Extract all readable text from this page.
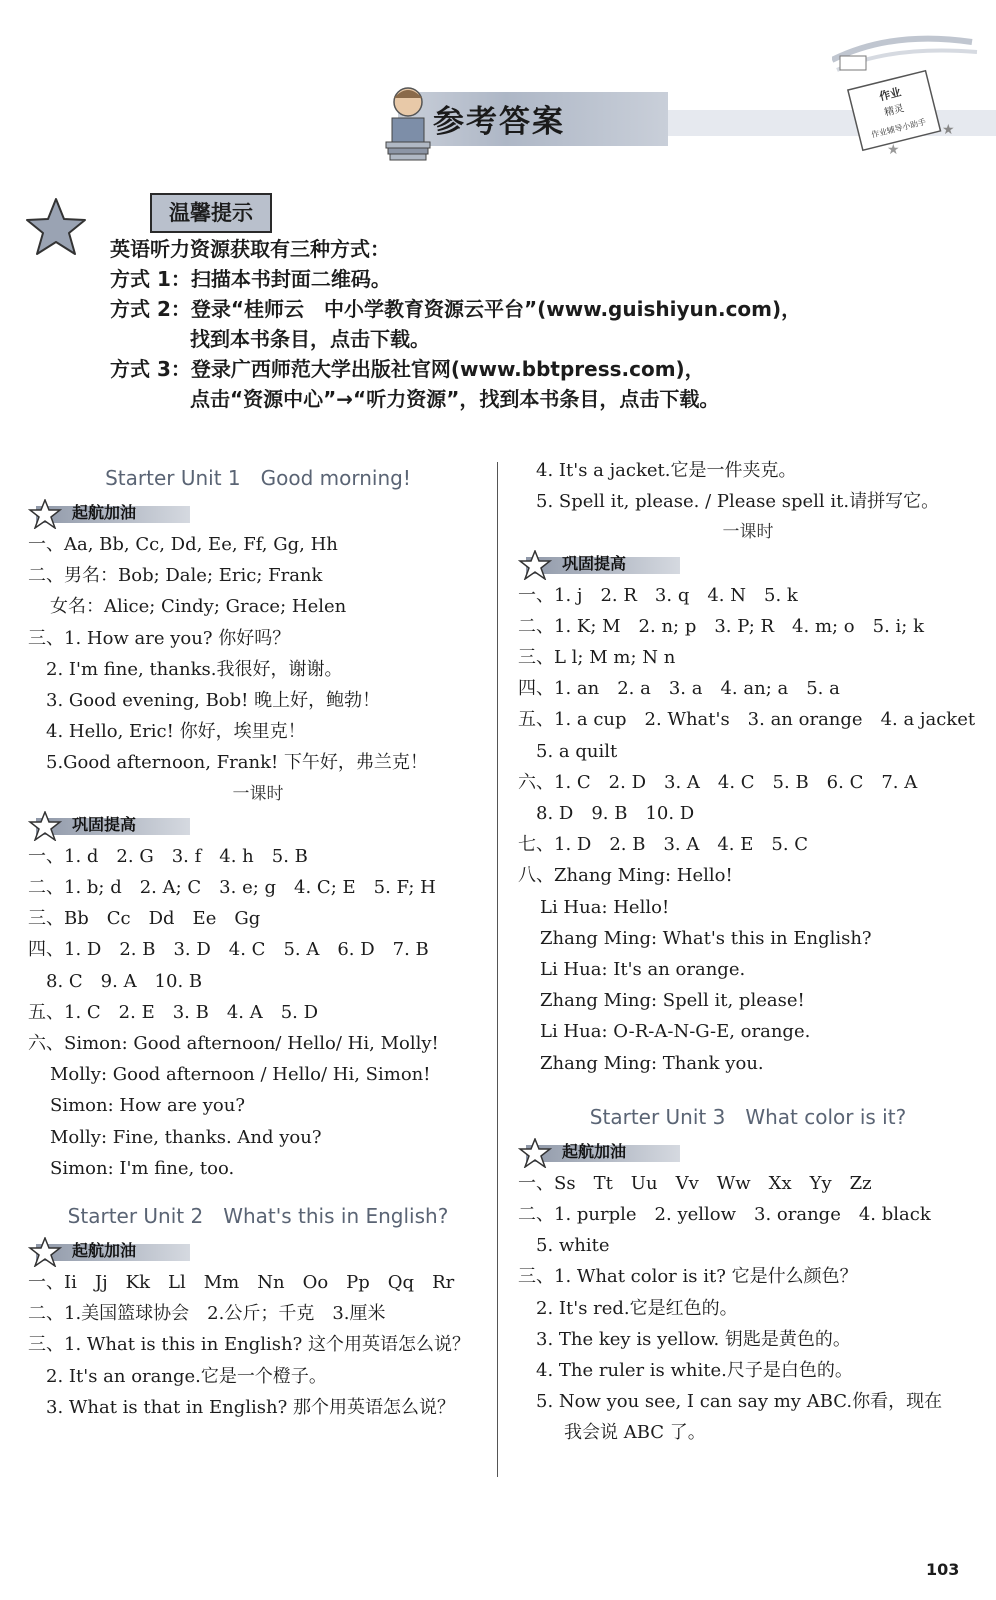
参考答案
作业
精灵
作业辅导小助手 ★
★
温馨提示
英语听力资源获取有三种方式：
方式 1：扫描本书封面二维码。
方式 2：登录“桂师云　中小学教育资源云平台”(www.guishiyun.com)，
　　　　找到本书条目，点击下载。
方式 3：登录广西师范大学出版社官网(www.bbtpress.com)，
　　　　点击“资源中心”→“听力资源”，找到本书条目，点击下载。
Starter Unit 1　Good morning!
起航加油
一、Aa, Bb, Cc, Dd, Ee, Ff, Gg, Hh
二、男名：Bob; Dale; Eric; Frank
女名：Alice; Cindy; Grace; Helen
三、1. How are you? 你好吗？
2. I'm fine, thanks.我很好，谢谢。
3. Good evening, Bob! 晚上好，鲍勃！
4. Hello, Eric! 你好，埃里克！
5.Good afternoon, Frank! 下午好，弗兰克！
一课时
巩固提高
一、1. d　2. G　3. f　4. h　5. B
二、1. b; d　2. A; C　3. e; g　4. C; E　5. F; H
三、Bb　Cc　Dd　Ee　Gg
四、1. D　2. B　3. D　4. C　5. A　6. D　7. B
8. C　9. A　10. B
五、1. C　2. E　3. B　4. A　5. D
六、Simon: Good afternoon/ Hello/ Hi, Molly!
Molly: Good afternoon / Hello/ Hi, Simon!
Simon: How are you?
Molly: Fine, thanks. And you?
Simon: I'm fine, too.
Starter Unit 2　What's this in English?
起航加油
一、Ii　Jj　Kk　Ll　Mm　Nn　Oo　Pp　Qq　Rr
二、1.美国篮球协会　2.公斤；千克　3.厘米
三、1. What is this in English? 这个用英语怎么说？
2. It's an orange.它是一个橙子。
3. What is that in English? 那个用英语怎么说？
4. It's a jacket.它是一件夹克。
5. Spell it, please. / Please spell it.请拼写它。
一课时
巩固提高
一、1. j　2. R　3. q　4. N　5. k
二、1. K; M　2. n; p　3. P; R　4. m; o　5. i; k
三、L l; M m; N n
四、1. an　2. a　3. a　4. an; a　5. a
五、1. a cup　2. What's　3. an orange　4. a jacket
5. a quilt
六、1. C　2. D　3. A　4. C　5. B　6. C　7. A
8. D　9. B　10. D
七、1. D　2. B　3. A　4. E　5. C
八、Zhang Ming: Hello!
Li Hua: Hello!
Zhang Ming: What's this in English?
Li Hua: It's an orange.
Zhang Ming: Spell it, please!
Li Hua: O-R-A-N-G-E, orange.
Zhang Ming: Thank you.
Starter Unit 3　What color is it?
起航加油
一、Ss　Tt　Uu　Vv　Ww　Xx　Yy　Zz
二、1. purple　2. yellow　3. orange　4. black
5. white
三、1. What color is it? 它是什么颜色？
2. It's red.它是红色的。
3. The key is yellow. 钥匙是黄色的。
4. The ruler is white.尺子是白色的。
5. Now you see, I can say my ABC.你看，现在
我会说 ABC 了。
103
